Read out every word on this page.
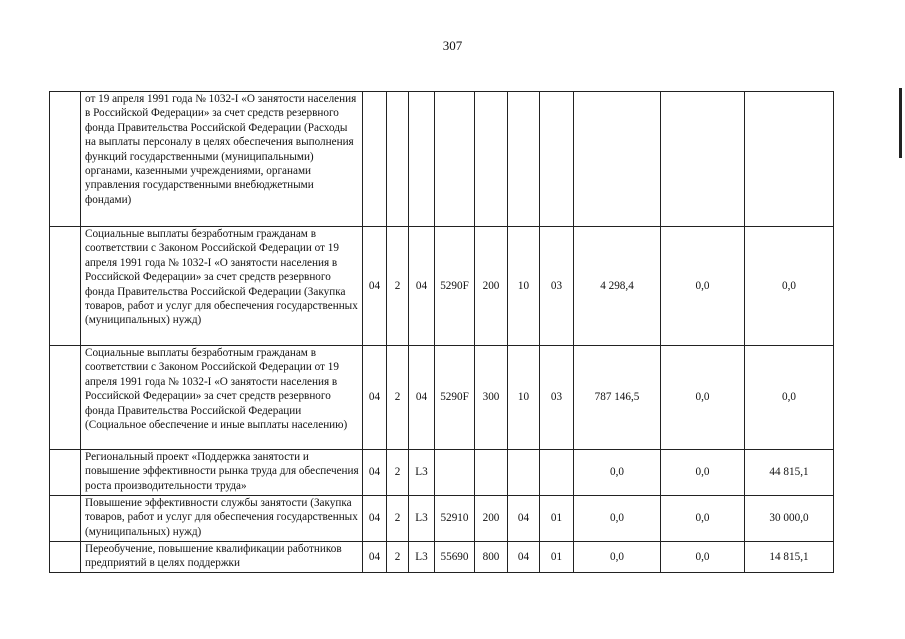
307
	от 19 апреля 1991 года № 1032-I «О занятости населения в Российской Федерации» за счет средств резервного фонда Правительства Российской Федерации (Расходы на выплаты персоналу в целях обеспечения выполнения функций государственными (муниципальными) органами, казенными учреждениями, органами управления государственными внебюджетными фондами)										
	Социальные выплаты безработным гражданам в соответствии с Законом Российской Федерации от 19 апреля 1991 года № 1032-I «О занятости населения в Российской Федерации» за счет средств резервного фонда Правительства Российской Федерации (Закупка товаров, работ и услуг для обеспечения государственных (муниципальных) нужд)	04	2	04	5290F	200	10	03	4 298,4	0,0	0,0
	Социальные выплаты безработным гражданам в соответствии с Законом Российской Федерации от 19 апреля 1991 года № 1032-I «О занятости населения в Российской Федерации» за счет средств резервного фонда Правительства Российской Федерации (Социальное обеспечение и иные выплаты населению)	04	2	04	5290F	300	10	03	787 146,5	0,0	0,0
	Региональный проект «Поддержка занятости и повышение эффективности рынка труда для обеспечения роста производительности труда»	04	2	L3					0,0	0,0	44 815,1
	Повышение эффективности службы занятости (Закупка товаров, работ и услуг для обеспечения государственных (муниципальных) нужд)	04	2	L3	52910	200	04	01	0,0	0,0	30 000,0
	Переобучение, повышение квалификации работников предприятий в целях поддержки	04	2	L3	55690	800	04	01	0,0	0,0	14 815,1
